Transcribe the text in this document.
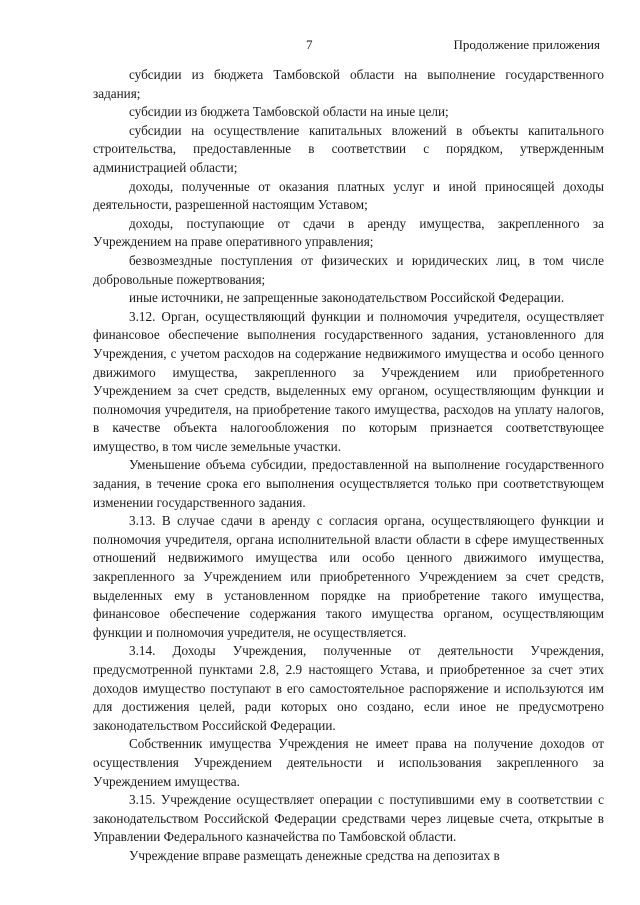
7	Продолжение приложения

субсидии из бюджета Тамбовской области на выполнение государственного задания;

субсидии из бюджета Тамбовской области на иные цели;

субсидии на осуществление капитальных вложений в объекты капитального строительства, предоставленные в соответствии с порядком, утвержденным администрацией области;

доходы, полученные от оказания платных услуг и иной приносящей доходы деятельности, разрешенной настоящим Уставом;

доходы, поступающие от сдачи в аренду имущества, закрепленного за Учреждением на праве оперативного управления;

безвозмездные поступления от физических и юридических лиц, в том числе добровольные пожертвования;

иные источники, не запрещенные законодательством Российской Федерации.

3.12. Орган, осуществляющий функции и полномочия учредителя, осуществляет финансовое обеспечение выполнения государственного задания, установленного для Учреждения, с учетом расходов на содержание недвижимого имущества и особо ценного движимого имущества, закрепленного за Учреждением или приобретенного Учреждением за счет средств, выделенных ему органом, осуществляющим функции и полномочия учредителя, на приобретение такого имущества, расходов на уплату налогов, в качестве объекта налогообложения по которым признается соответствующее имущество, в том числе земельные участки.

Уменьшение объема субсидии, предоставленной на выполнение государственного задания, в течение срока его выполнения осуществляется только при соответствующем изменении государственного задания.

3.13. В случае сдачи в аренду с согласия органа, осуществляющего функции и полномочия учредителя, органа исполнительной власти области в сфере имущественных отношений недвижимого имущества или особо ценного движимого имущества, закрепленного за Учреждением или приобретенного Учреждением за счет средств, выделенных ему в установленном порядке на приобретение такого имущества, финансовое обеспечение содержания такого имущества органом, осуществляющим функции и полномочия учредителя, не осуществляется.

3.14. Доходы Учреждения, полученные от деятельности Учреждения, предусмотренной пунктами 2.8, 2.9 настоящего Устава, и приобретенное за счет этих доходов имущество поступают в его самостоятельное распоряжение и используются им для достижения целей, ради которых оно создано, если иное не предусмотрено законодательством Российской Федерации.

Собственник имущества Учреждения не имеет права на получение доходов от осуществления Учреждением деятельности и использования закрепленного за Учреждением имущества.

3.15. Учреждение осуществляет операции с поступившими ему в соответствии с законодательством Российской Федерации средствами через лицевые счета, открытые в Управлении Федерального казначейства по Тамбовской области.

Учреждение вправе размещать денежные средства на депозитах в
